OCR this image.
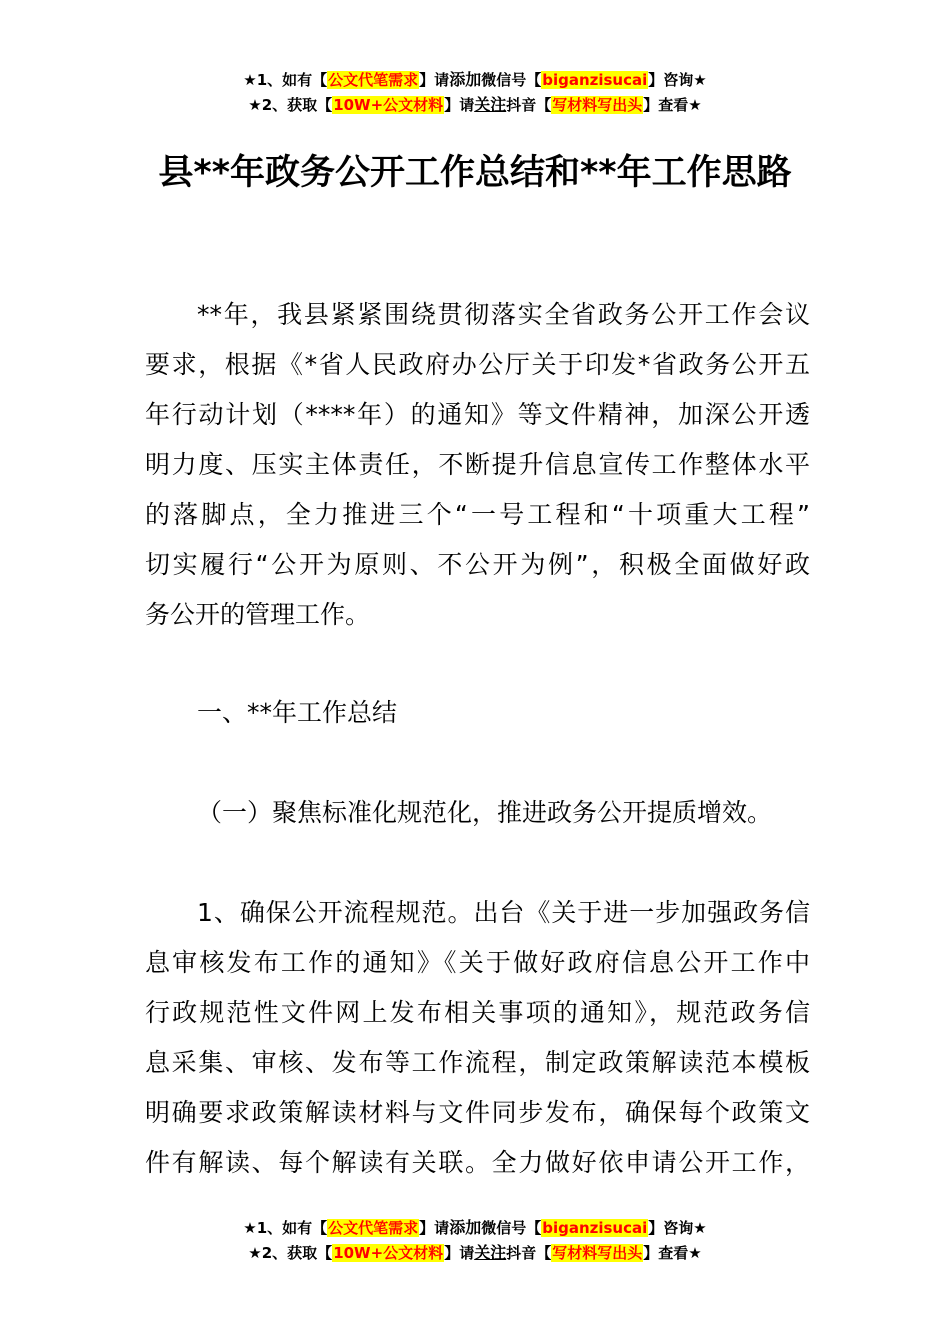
★1、如有【公文代笔需求】请添加微信号【biganzisucai】咨询★
★2、获取【10W+公文材料】请关注抖音【写材料写出头】查看★
县**年政务公开工作总结和**年工作思路
**年，我县紧紧围绕贯彻落实全省政务公开工作会议
要求，根据《*省人民政府办公厅关于印发*省政务公开五
年行动计划（****年）的通知》等文件精神，加深公开透
明力度、压实主体责任，不断提升信息宣传工作整体水平
的落脚点，全力推进三个“一号工程和“十项重大工程”
切实履行“公开为原则、不公开为例”，积极全面做好政
务公开的管理工作。
一、**年工作总结
（一）聚焦标准化规范化，推进政务公开提质增效。
1、确保公开流程规范。出台《关于进一步加强政务信
息审核发布工作的通知》《关于做好政府信息公开工作中
行政规范性文件网上发布相关事项的通知》，规范政务信
息采集、审核、发布等工作流程，制定政策解读范本模板
明确要求政策解读材料与文件同步发布，确保每个政策文
件有解读、每个解读有关联。全力做好依申请公开工作，
★1、如有【公文代笔需求】请添加微信号【biganzisucai】咨询★
★2、获取【10W+公文材料】请关注抖音【写材料写出头】查看★
